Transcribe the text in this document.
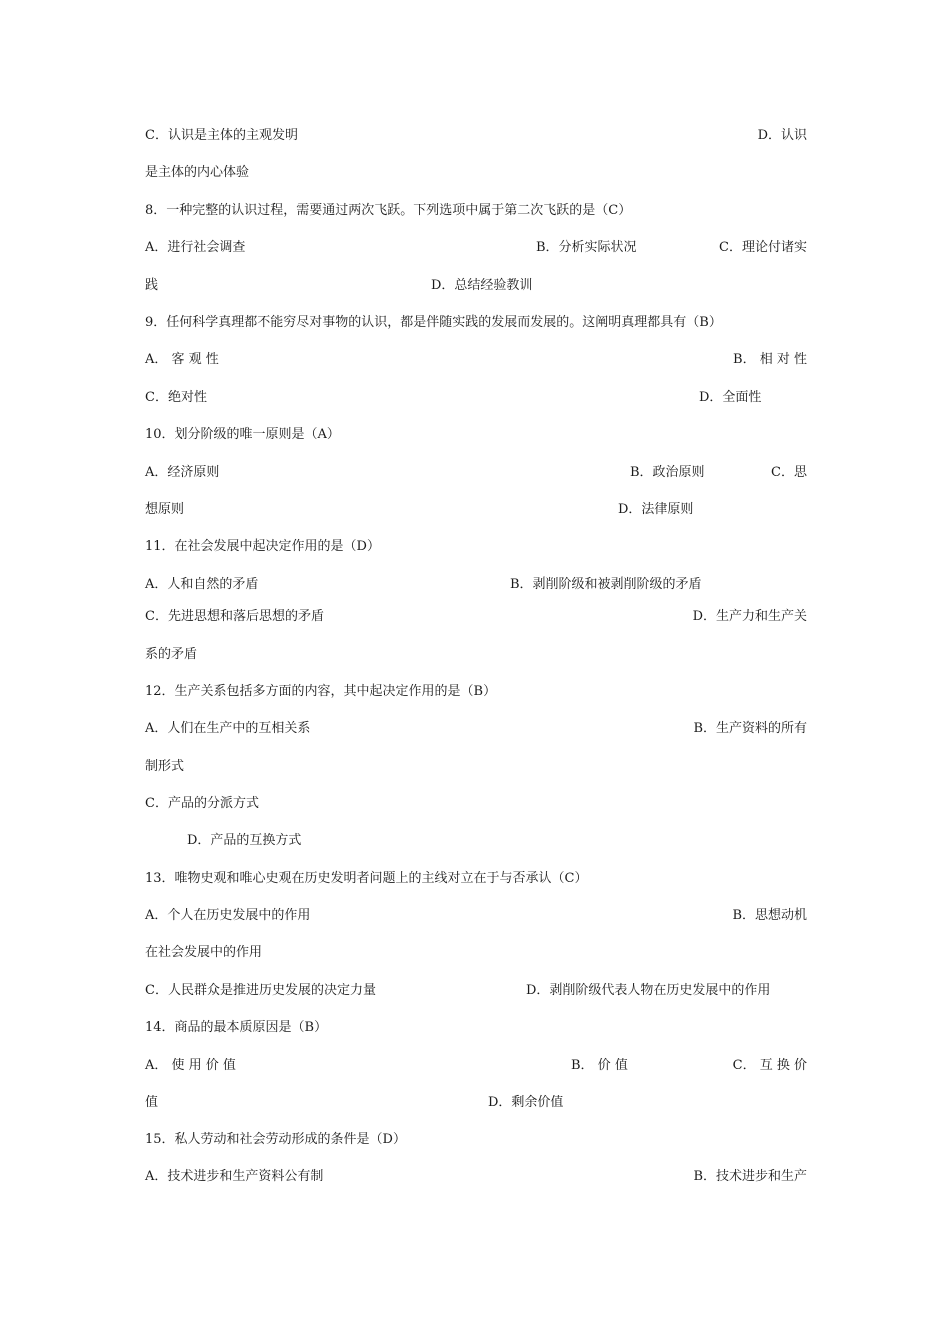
C．认识是主体的主观发明	D．认识
是主体的内心体验
8．一种完整的认识过程，需要通过两次飞跃。下列选项中属于第二次飞跃的是（C）
A．进行社会调查	B．分析实际状况	C．理论付诸实
践	D．总结经验教训
9．任何科学真理都不能穷尽对事物的认识，都是伴随实践的发展而发展的。这阐明真理都具有（B）
A． 客 观 性	B． 相 对 性
C．绝对性	D．全面性
10．划分阶级的唯一原则是（A）
A．经济原则	B．政治原则	C．思
想原则	D．法律原则
11．在社会发展中起决定作用的是（D）
A．人和自然的矛盾	B．剥削阶级和被剥削阶级的矛盾
C．先进思想和落后思想的矛盾	D．生产力和生产关
系的矛盾
12．生产关系包括多方面的内容，其中起决定作用的是（B）
A．人们在生产中的互相关系	B．生产资料的所有
制形式
C．产品的分派方式
D．产品的互换方式
13．唯物史观和唯心史观在历史发明者问题上的主线对立在于与否承认（C）
A．个人在历史发展中的作用	B．思想动机
在社会发展中的作用
C．人民群众是推进历史发展的决定力量	D．剥削阶级代表人物在历史发展中的作用
14．商品的最本质原因是（B）
A． 使 用 价 值	B． 价 值	C． 互 换 价
值	D．剩余价值
15．私人劳动和社会劳动形成的条件是（D）
A．技术进步和生产资料公有制	B．技术进步和生产
